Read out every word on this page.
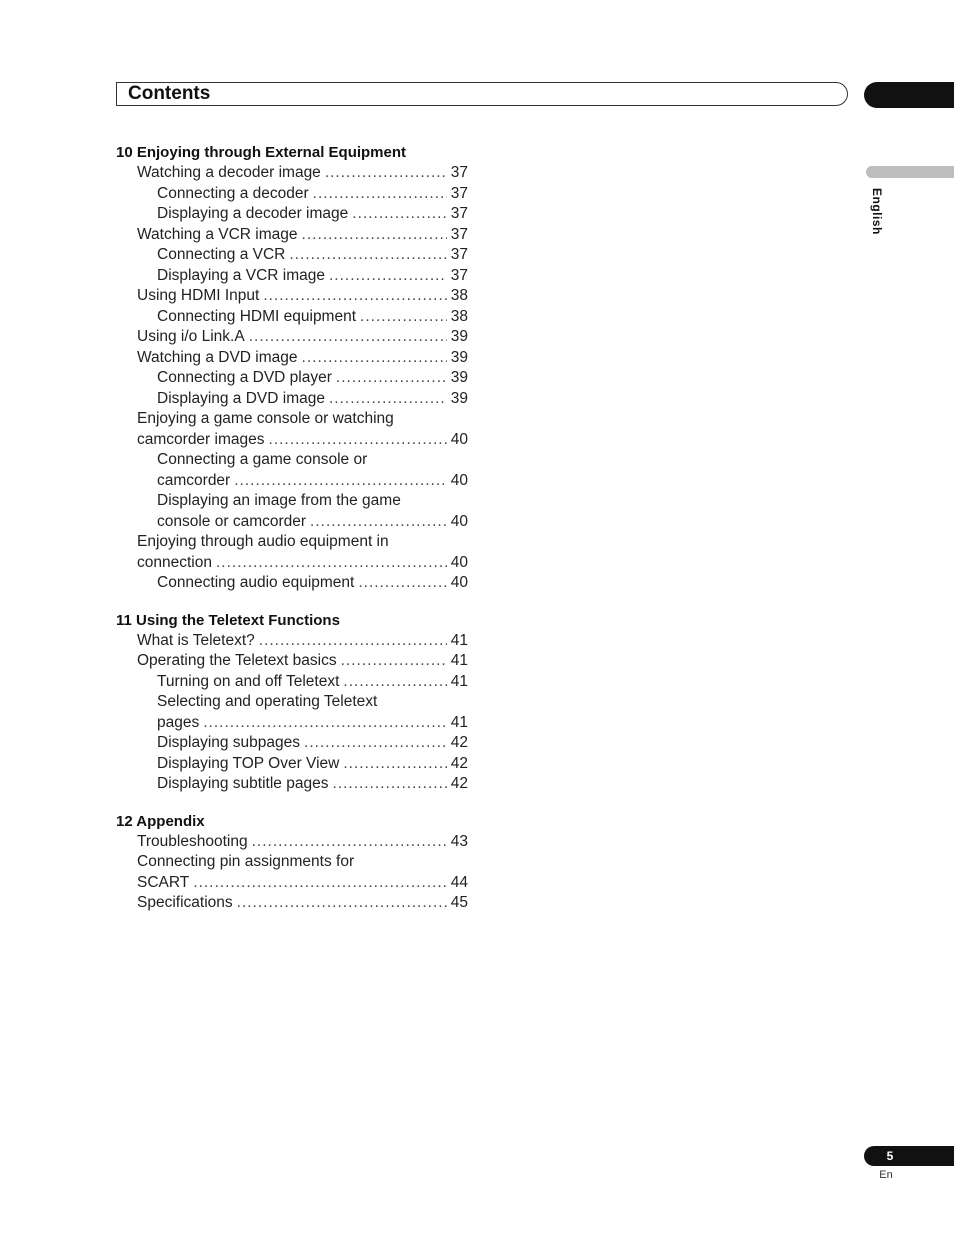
Contents
English
10 Enjoying through External Equipment
Watching a decoder image .....	37
Connecting a decoder .....	37
Displaying a decoder image .....	37
Watching a VCR image .....	37
Connecting a VCR .....	37
Displaying a VCR image .....	37
Using HDMI Input .....	38
Connecting HDMI equipment .....	38
Using i/o Link.A .....	39
Watching a DVD image .....	39
Connecting a DVD player .....	39
Displaying a DVD image .....	39
Enjoying a game console or watching
camcorder images .....	40
Connecting a game console or
camcorder .....	40
Displaying an image from the game
console or camcorder .....	40
Enjoying through audio equipment in
connection .....	40
Connecting audio equipment .....	40
11 Using the Teletext Functions
What is Teletext? .....	41
Operating the Teletext basics .....	41
Turning on and off Teletext .....	41
Selecting and operating Teletext
pages .....	41
Displaying subpages .....	42
Displaying TOP Over View .....	42
Displaying subtitle pages .....	42
12 Appendix
Troubleshooting .....	43
Connecting pin assignments for
SCART .....	44
Specifications .....	45
5
En
